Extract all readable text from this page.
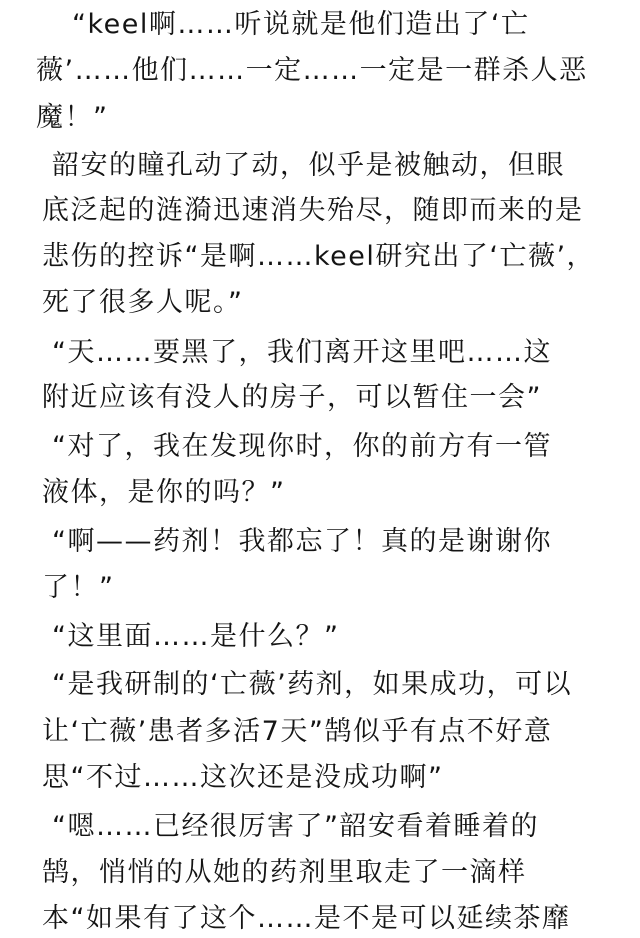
“keel啊……听说就是他们造出了‘亡
薇’……他们……一定……一定是一群杀人恶
魔！”
韶安的瞳孔动了动，似乎是被触动，但眼
底泛起的涟漪迅速消失殆尽，随即而来的是
悲伤的控诉“是啊……keel研究出了‘亡薇’，
死了很多人呢。”
“天……要黑了，我们离开这里吧……这
附近应该有没人的房子，可以暂住一会”
“对了，我在发现你时，你的前方有一管
液体，是你的吗？”
“啊——药剂！我都忘了！真的是谢谢你
了！”
“这里面……是什么？”
“是我研制的‘亡薇’药剂，如果成功，可以
让‘亡薇’患者多活7天”鹄似乎有点不好意
思“不过……这次还是没成功啊”
“嗯……已经很厉害了”韶安看着睡着的
鹄，悄悄的从她的药剂里取走了一滴样
本“如果有了这个……是不是可以延续茶靡
